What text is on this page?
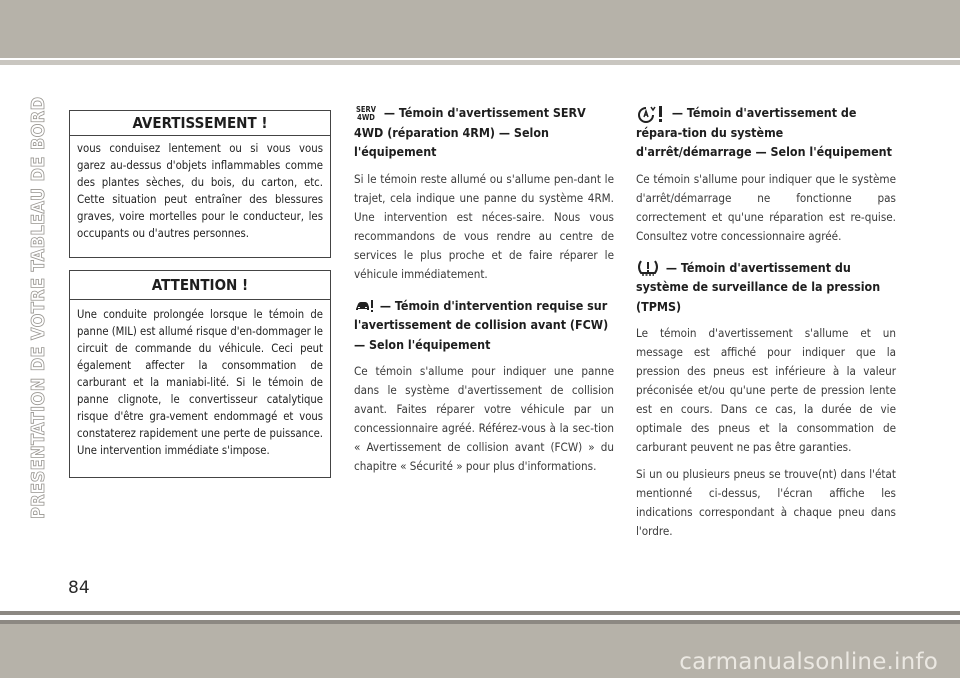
PRESENTATION DE VOTRE TABLEAU DE BORD	AVERTISSEMENT !
vous conduisez lentement ou si vous vous garez au-dessus d'objets inflammables comme des plantes sèches, du bois, du carton, etc. Cette situation peut entraîner des blessures graves, voire mortelles pour le conducteur, les occupants ou d'autres personnes.
ATTENTION !
Une conduite prolongée lorsque le témoin de panne (MIL) est allumé risque d'en-dommager le circuit de commande du véhicule. Ceci peut également affecter la consommation de carburant et la maniabi-lité. Si le témoin de panne clignote, le convertisseur catalytique risque d'être gra-vement endommagé et vous constaterez rapidement une perte de puissance. Une intervention immédiate s'impose.
SERV
4WD — Témoin d'avertissement SERV 4WD (réparation 4RM) — Selon l'équipement

Si le témoin reste allumé ou s'allume pen-dant le trajet, cela indique une panne du système 4RM. Une intervention est néces-saire. Nous vous recommandons de vous rendre au centre de services le plus proche et de faire réparer le véhicule immédiatement.

— Témoin d'intervention requise sur l'avertissement de collision avant (FCW) — Selon l'équipement

Ce témoin s'allume pour indiquer une panne dans le système d'avertissement de collision avant. Faites réparer votre véhicule par un concessionnaire agréé. Référez-vous à la sec-tion « Avertissement de collision avant (FCW) » du chapitre « Sécurité » pour plus d'informations.

— Témoin d'avertissement de répara-tion du système d'arrêt/démarrage — Selon l'équipement

Ce témoin s'allume pour indiquer que le système d'arrêt/démarrage ne fonctionne pas correctement et qu'une réparation est re-quise. Consultez votre concessionnaire agréé.

— Témoin d'avertissement du système de surveillance de la pression (TPMS)

Le témoin d'avertissement s'allume et un message est affiché pour indiquer que la pression des pneus est inférieure à la valeur préconisée et/ou qu'une perte de pression lente est en cours. Dans ce cas, la durée de vie optimale des pneus et la consommation de carburant peuvent ne pas être garanties.

Si un ou plusieurs pneus se trouve(nt) dans l'état mentionné ci-dessus, l'écran affiche les indications correspondant à chaque pneu dans l'ordre.

84
carmanualsonline.info
